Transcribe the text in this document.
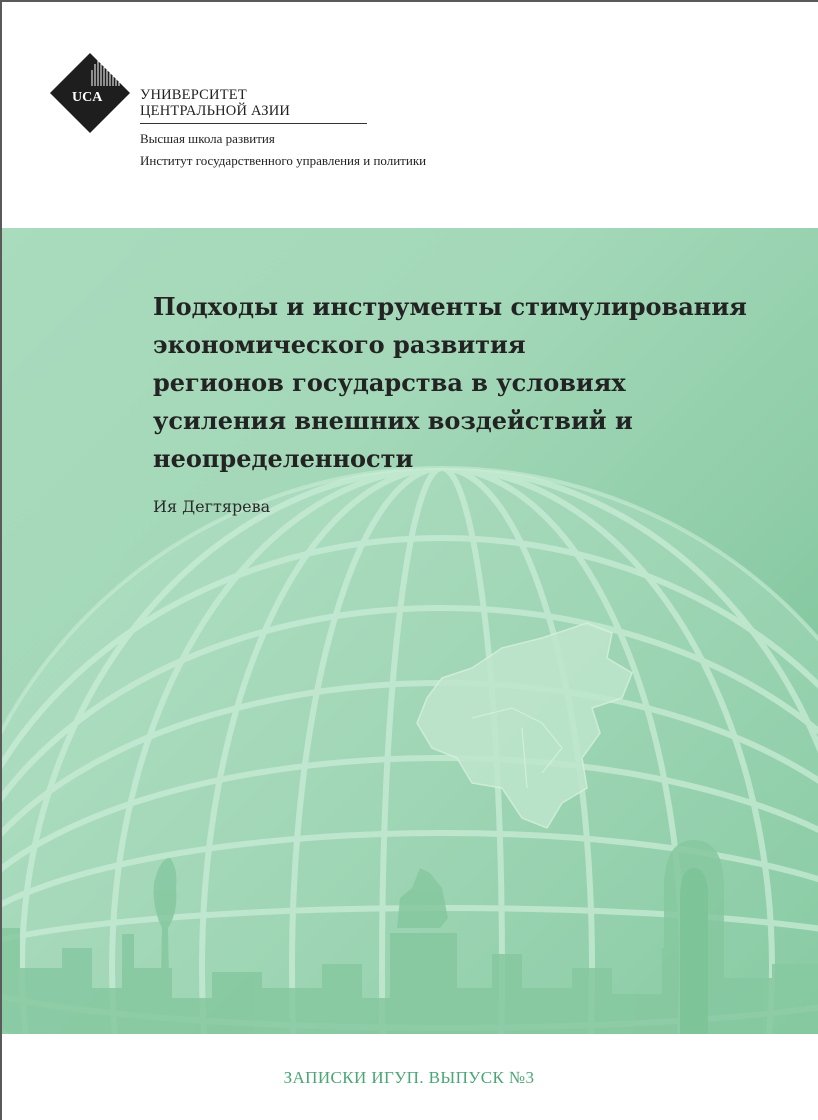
UCA	УНИВЕРСИТЕТ
ЦЕНТРАЛЬНОЙ АЗИИ
Высшая школа развития
Институт государственного управления и политики
Подходы и инструменты стимулирования
экономического развития
регионов государства в условиях
усиления внешних воздействий и
неопределенности
Ия Дегтярева
ЗАПИСКИ ИГУП. ВЫПУСК №3
